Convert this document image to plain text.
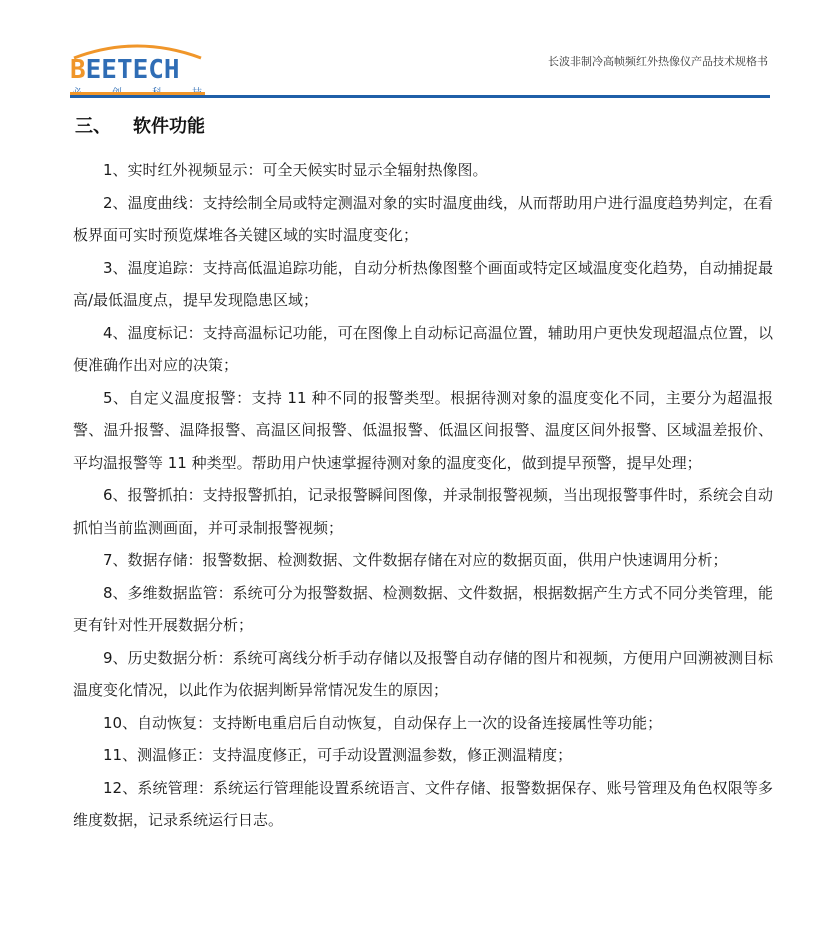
BEETECH	长波非制冷高帧频红外热像仪产品技术规格书
三、	软件功能

1、实时红外视频显示：可全天候实时显示全辐射热像图。

2、温度曲线：支持绘制全局或特定测温对象的实时温度曲线，从而帮助用户进行温度趋势判定，在看板界面可实时预览煤堆各关键区域的实时温度变化；

3、温度追踪：支持高低温追踪功能，自动分析热像图整个画面或特定区域温度变化趋势，自动捕捉最高/最低温度点，提早发现隐患区域；

4、温度标记：支持高温标记功能，可在图像上自动标记高温位置，辅助用户更快发现超温点位置，以便准确作出对应的决策；

5、自定义温度报警：支持 11 种不同的报警类型。根据待测对象的温度变化不同，主要分为超温报警、温升报警、温降报警、高温区间报警、低温报警、低温区间报警、温度区间外报警、区域温差报价、平均温报警等 11 种类型。帮助用户快速掌握待测对象的温度变化，做到提早预警，提早处理；

6、报警抓拍：支持报警抓拍，记录报警瞬间图像，并录制报警视频，当出现报警事件时，系统会自动抓怕当前监测画面，并可录制报警视频；

7、数据存储：报警数据、检测数据、文件数据存储在对应的数据页面，供用户快速调用分析；

8、多维数据监管：系统可分为报警数据、检测数据、文件数据，根据数据产生方式不同分类管理，能更有针对性开展数据分析；

9、历史数据分析：系统可离线分析手动存储以及报警自动存储的图片和视频，方便用户回溯被测目标温度变化情况，以此作为依据判断异常情况发生的原因；

10、自动恢复：支持断电重启后自动恢复，自动保存上一次的设备连接属性等功能；

11、测温修正：支持温度修正，可手动设置测温参数，修正测温精度；

12、系统管理：系统运行管理能设置系统语言、文件存储、报警数据保存、账号管理及角色权限等多维度数据，记录系统运行日志。
